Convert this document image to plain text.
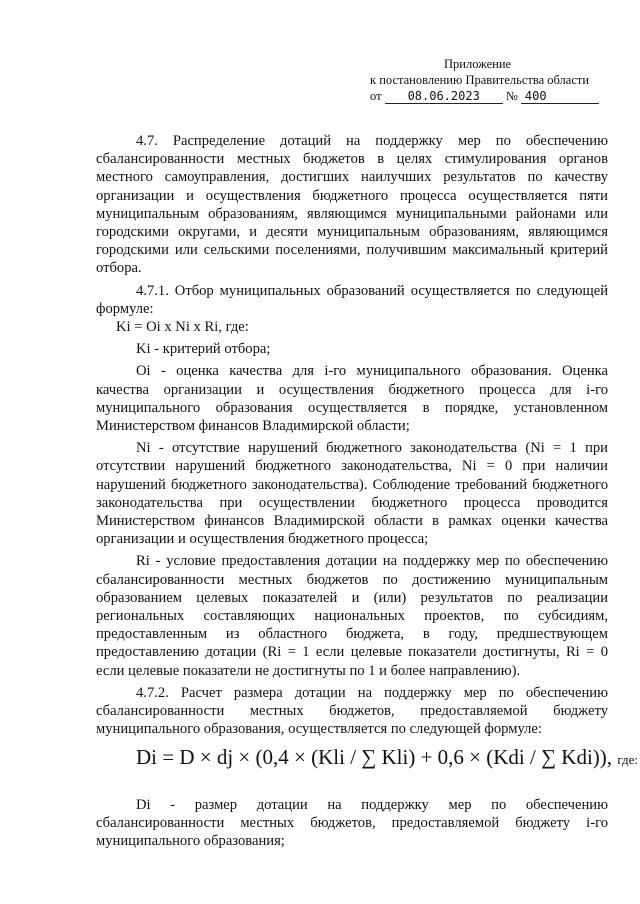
Приложение
к постановлению Правительства области
от 08.06.2023 № 400

4.7. Распределение дотаций на поддержку мер по обеспечению сбалансированности местных бюджетов в целях стимулирования органов местного самоуправления, достигших наилучших результатов по качеству организации и осуществления бюджетного процесса осуществляется пяти муниципальным образованиям, являющимся муниципальными районами или городскими округами, и десяти муниципальным образованиям, являющимся городскими или сельскими поселениями, получившим максимальный критерий отбора.

4.7.1. Отбор муниципальных образований осуществляется по следующей формуле:

Ki = Oi x Ni x Ri, где:

Ki - критерий отбора;

Oi - оценка качества для i-го муниципального образования. Оценка качества организации и осуществления бюджетного процесса для i-го муниципального образования осуществляется в порядке, установленном Министерством финансов Владимирской области;

Ni - отсутствие нарушений бюджетного законодательства (Ni = 1 при отсутствии нарушений бюджетного законодательства, Ni = 0 при наличии нарушений бюджетного законодательства). Соблюдение требований бюджетного законодательства при осуществлении бюджетного процесса проводится Министерством финансов Владимирской области в рамках оценки качества организации и осуществления бюджетного процесса;

Ri - условие предоставления дотации на поддержку мер по обеспечению сбалансированности местных бюджетов по достижению муниципальным образованием целевых показателей и (или) результатов по реализации региональных составляющих национальных проектов, по субсидиям, предоставленным из областного бюджета, в году, предшествующем предоставлению дотации (Ri = 1 если целевые показатели достигнуты, Ri = 0 если целевые показатели не достигнуты по 1 и более направлению).

4.7.2. Расчет размера дотации на поддержку мер по обеспечению сбалансированности местных бюджетов, предоставляемой бюджету муниципального образования, осуществляется по следующей формуле:

Di = D × dj × (0,4 × (Kli / ∑ Kli) + 0,6 × (Kdi / ∑ Kdi)), где:

Di - размер дотации на поддержку мер по обеспечению сбалансированности местных бюджетов, предоставляемой бюджету i-го муниципального образования;
